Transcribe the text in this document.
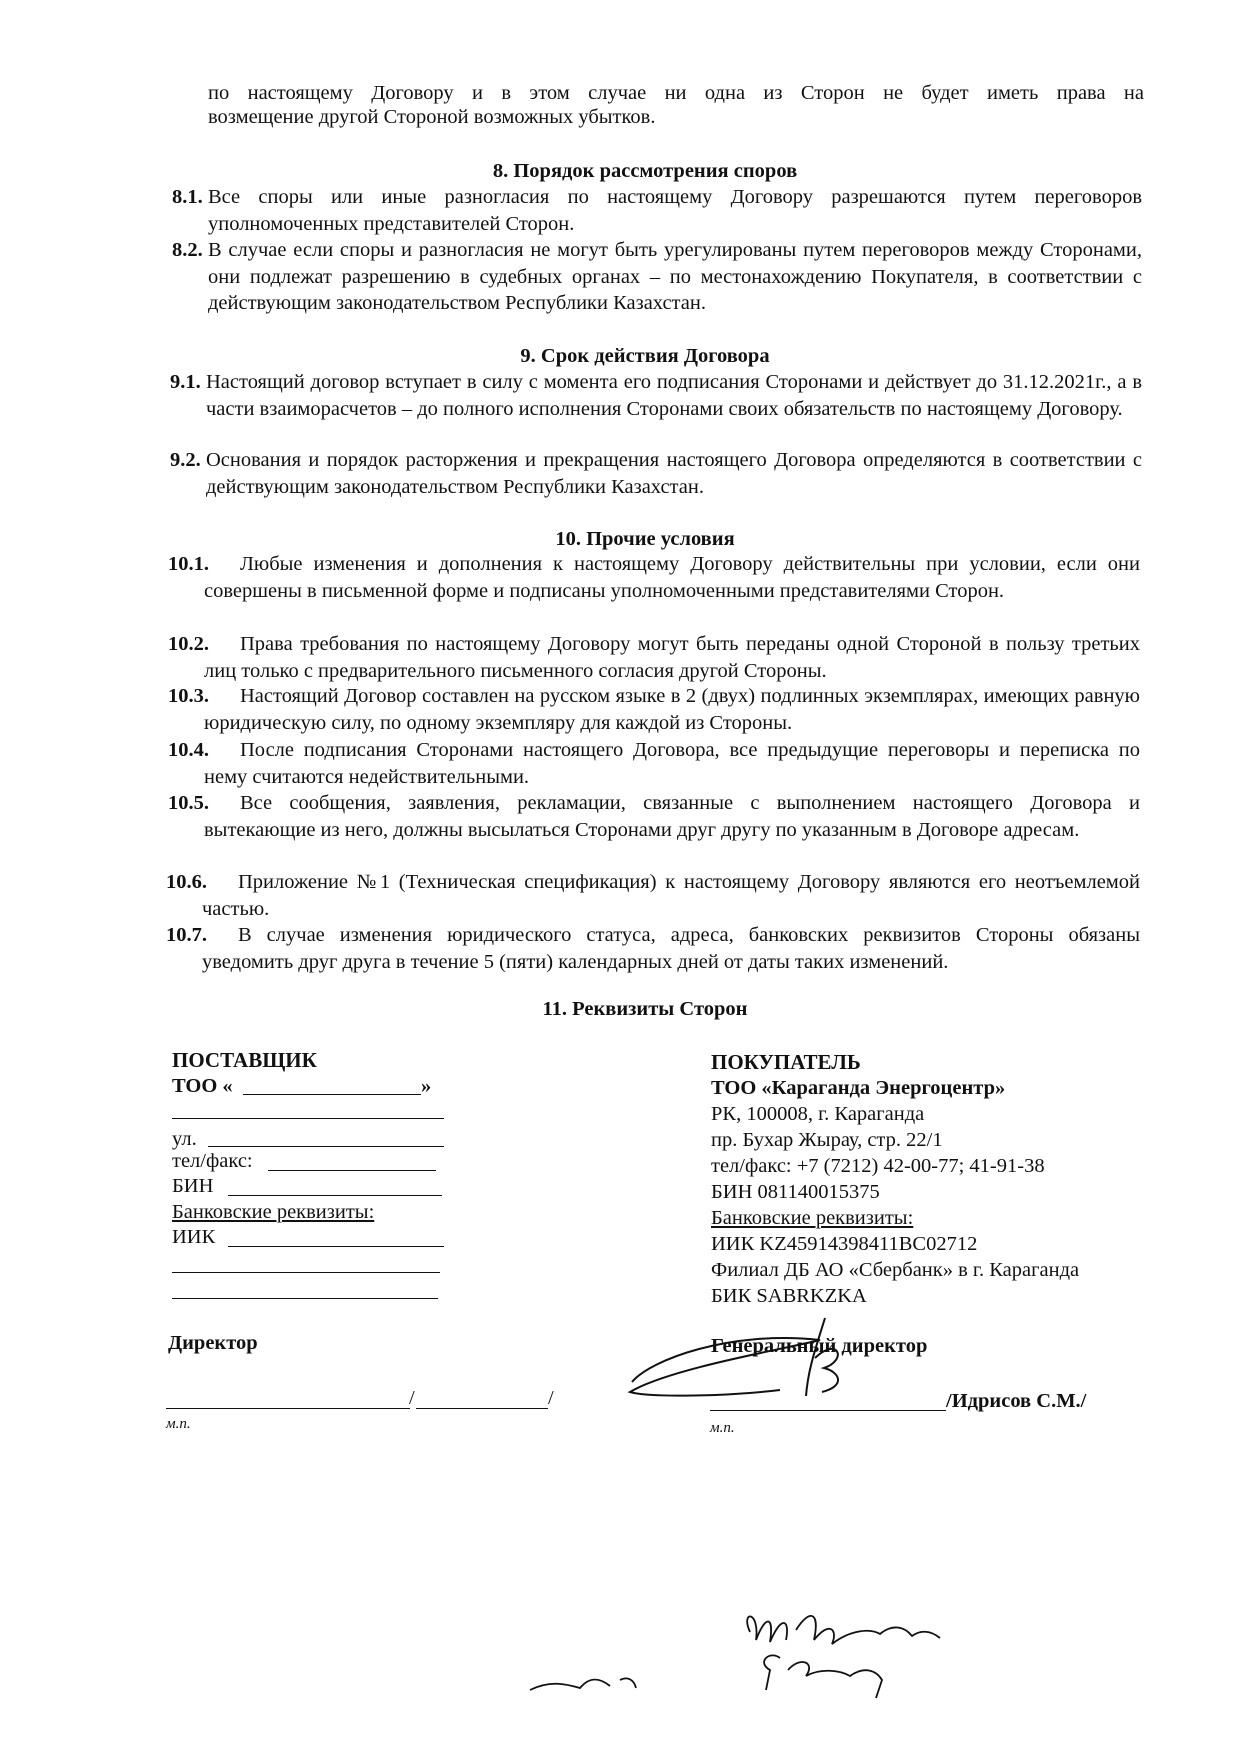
по настоящему Договору и в этом случае ни одна из Сторон не будет иметь права на
возмещение другой Стороной возможных убытков.
8. Порядок рассмотрения споров
8.1. Все споры или иные разногласия по настоящему Договору разрешаются путем переговоров уполномоченных представителей Сторон.
8.2. В случае если споры и разногласия не могут быть урегулированы путем переговоров между Сторонами, они подлежат разрешению в судебных органах – по местонахождению Покупателя, в соответствии с действующим законодательством Республики Казахстан.
9. Срок действия Договора
9.1. Настоящий договор вступает в силу с момента его подписания Сторонами и действует до 31.12.2021г., а в части взаиморасчетов – до полного исполнения Сторонами своих обязательств по настоящему Договору.
9.2. Основания и порядок расторжения и прекращения настоящего Договора определяются в соответствии с действующим законодательством Республики Казахстан.
10. Прочие условия
10.1.	Любые изменения и дополнения к настоящему Договору действительны при условии, если они совершены в письменной форме и подписаны уполномоченными представителями Сторон.
10.2.	Права требования по настоящему Договору могут быть переданы одной Стороной в пользу третьих лиц только с предварительного письменного согласия другой Стороны.
10.3.	Настоящий Договор составлен на русском языке в 2 (двух) подлинных экземплярах, имеющих равную юридическую силу, по одному экземпляру для каждой из Стороны.
10.4.	После подписания Сторонами настоящего Договора, все предыдущие переговоры и переписка по нему считаются недействительными.
10.5.	Все сообщения, заявления, рекламации, связанные с выполнением настоящего Договора и вытекающие из него, должны высылаться Сторонами друг другу по указанным в Договоре адресам.
10.6.	Приложение №1 (Техническая спецификация) к настоящему Договору являются его неотъемлемой частью.
10.7.	В случае изменения юридического статуса, адреса, банковских реквизитов Стороны обязаны уведомить друг друга в течение 5 (пяти) календарных дней от даты таких изменений.
11. Реквизиты Сторон
ПОСТАВЩИК
ТОО «	»
ул.
тел/факс:
БИН
Банковские реквизиты:
ИИК
Директор
/	/
м.п.
ПОКУПАТЕЛЬ
ТОО «Караганда Энергоцентр»
РК, 100008, г. Караганда
пр. Бухар Жырау, стр. 22/1
тел/факс: +7 (7212) 42-00-77; 41-91-38
БИН 081140015375
Банковские реквизиты:
ИИК KZ45914398411BC02712
Филиал ДБ АО «Сбербанк» в г. Караганда
БИК SABRKZKA
Генеральный директор
/Идрисов С.М./
м.п.
